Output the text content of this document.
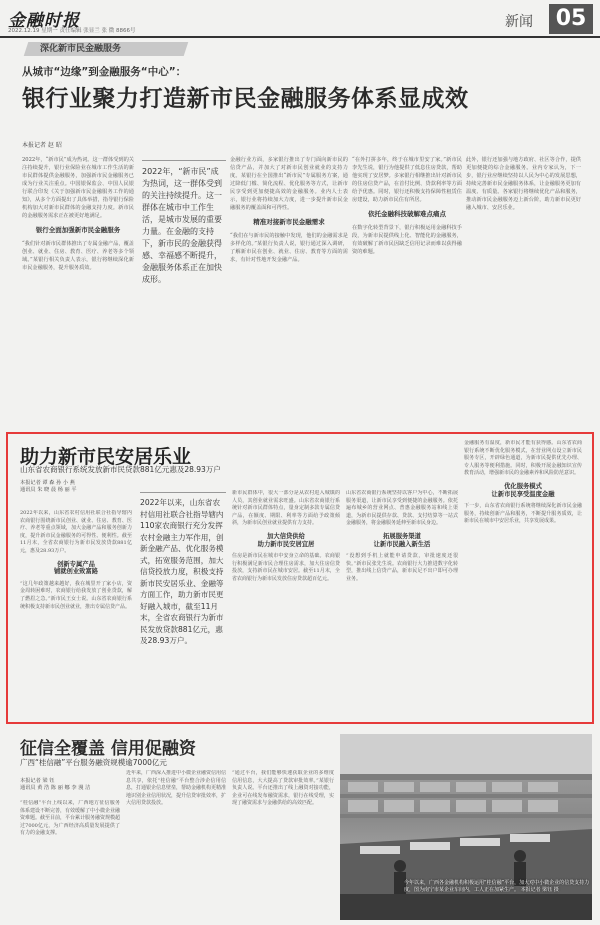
金融时报
2022.12.19 星期一 责任编辑 张显兰 张 微 8866号
新闻	05
深化新市民金融服务
从城市“边缘”到金融服务“中心”：
银行业聚力打造新市民金融服务体系显成效
本报记者 赵 昭

2022年，“新市民”成为热词。这一群体受到的关注持续提升，银行业保险业在城市工作生活的新市民群体提供金融服务，加强新市民金融服务已成为行业关注重点。中国银保监会、中国人民银行联合印发《关于加强新市民金融服务工作的通知》，从多个方面提出了具体举措，指导银行保险机构加大对新市民群体的金融支持力度。新市民的金融服务需求正在被更好地满足。

银行全面加强新市民金融服务

“我们针对新市民群体推出了专属金融产品，覆盖创业、就业、住房、教育、医疗、养老等多个领域。”某银行相关负责人表示，银行将继续深化新市民金融服务，提升服务质效。

2022年，“新市民”成为热词，这一群体受到的关注持续提升。这一群体在城市中工作生活，是城市发展的重要力量。在金融的支持下，新市民的金融获得感、幸福感不断提升，金融服务体系正在加快成形。

金融行业方面，多家银行推出了专门面向新市民的信贷产品，并加大了对新市民创业就业的支持力度。某银行在全国推出“新市民”专属服务方案，通过降低门槛、简化流程、优化服务等方式，让新市民享受到更加便捷高效的金融服务。业内人士表示，银行业将持续加大力度，进一步提升新市民金融服务的覆盖面和可得性。

精准对接新市民金融需求

“我们在与新市民的接触中发现，他们的金融需求是多样化的。”某银行负责人说，银行通过深入调研，了解新市民在创业、就业、住房、教育等方面的需求，有针对性地开发金融产品。

“在外打拼多年，终于在城市里安了家。”新市民李先生说，银行为他提供了低息住房贷款，帮助他实现了安居梦。多家银行相继推出针对新市民的住房信贷产品，在首付比例、贷款利率等方面给予优惠。同时，银行还积极支持保障性租赁住房建设，助力新市民住有所居。

依托金融科技破解难点痛点

在数字化转型背景下，银行积极运用金融科技手段，为新市民提供线上化、智能化的金融服务，有效破解了新市民因缺乏信用记录而难以获得融资的难题。

此外，银行还加强与地方政府、社区等合作，提供更加便捷的综合金融服务。业内专家认为，下一步，银行业应继续坚持以人民为中心的发展思想，持续完善新市民金融服务体系，让金融服务更加有温度、有质量。各家银行将继续优化产品和服务，推动新市民金融服务迈上新台阶，助力新市民更好融入城市、安居乐业。

助力新市民安居乐业
山东省农商银行系统发放新市民贷款881亿元惠及28.93万户
本报记者 谭 森 孙 小 燕
通讯员 朱 晓 晨 杨 丽 平

2022年以来，山东省农村信用社联合社指导辖内农商银行围绕新市民创业、就业、住房、教育、医疗、养老等重点领域，加大金融产品和服务创新力度，提升新市民金融服务的可得性、便利性。截至11月末，全省农商银行为新市民发放贷款881亿元，惠及28.93万户。

创新专属产品
铺就创业致富路

“这几年政策越来越好，我在城里开了家小店，资金周转困难时，农商银行给我发放了创业贷款，解了燃眉之急。”新市民王女士说。山东省农商银行系统积极支持新市民创业就业，推出专属信贷产品。

2022年以来，山东省农村信用社联合社指导辖内110家农商银行充分发挥农村金融主力军作用，创新金融产品、优化服务模式，拓宽服务范围，加大信贷投放力度，积极支持新市民安居乐业、金融等方面工作，助力新市民更好融入城市，截至11月末，全省农商银行为新市民发放贷款881亿元，惠及28.93万户。

新市民群体中，很大一部分是从农村进入城镇的人员，其创业就业需求旺盛。山东省农商银行系统针对新市民群体特点，量身定制多款专属信贷产品，在额度、期限、利率等方面给予政策倾斜，为新市民创业就业提供有力支持。

加大信贷供给
助力新市民安居宜居

住房是新市民在城市中安身立命的基础。农商银行积极满足新市民合理住房需求，加大住房信贷投放，支持新市民在城市安居。截至11月末，全省农商银行为新市民发放住房贷款超百亿元。

山东省农商银行系统坚持以客户为中心，不断拓展服务渠道，让新市民享受到便捷的金融服务。依托遍布城乡的营业网点、普惠金融服务站和线上渠道，为新市民提供存款、贷款、支付结算等一站式金融服务，将金融服务延伸至新市民身边。

拓展服务渠道
让新市民融入新生活

“没想到手机上就能申请贷款，审批速度还很快。”新市民张先生说。农商银行大力推进数字化转型，推出线上信贷产品，新市民足不出户即可办理业务。

金融服务有温度，新市民才能有获得感。山东省农商银行系统不断优化服务模式，在营业网点设立新市民服务专区，开辟绿色通道，为新市民提供优先办理、专人服务等便利措施。同时，积极开展金融知识宣传教育活动，增强新市民的金融素养和风险防范意识。

优化服务模式
让新市民享受温度金融

下一步，山东省农商银行系统将继续深化新市民金融服务，持续创新产品和服务，不断提升服务质效，让新市民在城市中安居乐业，共享发展成果。

征信全覆盖 信用促融资
广西“桂信融”平台服务融资规模逾7000亿元
本报记者 梁 钰
通讯员 黄 浩 陈 丽 娜 李 漫 洁

“桂信融”平台上线以来，广西地方征信服务体系建设不断完善，有效缓解了中小微企业融资难题。截至目前，平台累计服务融资规模超过7000亿元，为广西经济高质量发展提供了有力的金融支撑。

近年来，广西深入推进中小微企业融资信用信息共享，依托“桂信融”平台整合涉企信用信息，打通银企信息壁垒，帮助金融机构更精准地识别企业信用状况，提升信贷审批效率，扩大信用贷款投放。

“通过平台，我们能够快速获取企业的多维度信用信息，大大提高了贷款审批效率。”某银行负责人说。平台还推出了线上融资对接功能，企业可在线发布融资需求，银行在线受理，实现了融资需求与金融供给的高效匹配。

今年以来，广西各金融机构积极运用“桂信融”平台，加大对中小微企业的信贷支持力度，图为南宁市某企业车间内，工人正在加紧生产。 本报记者 梁钰 摄
